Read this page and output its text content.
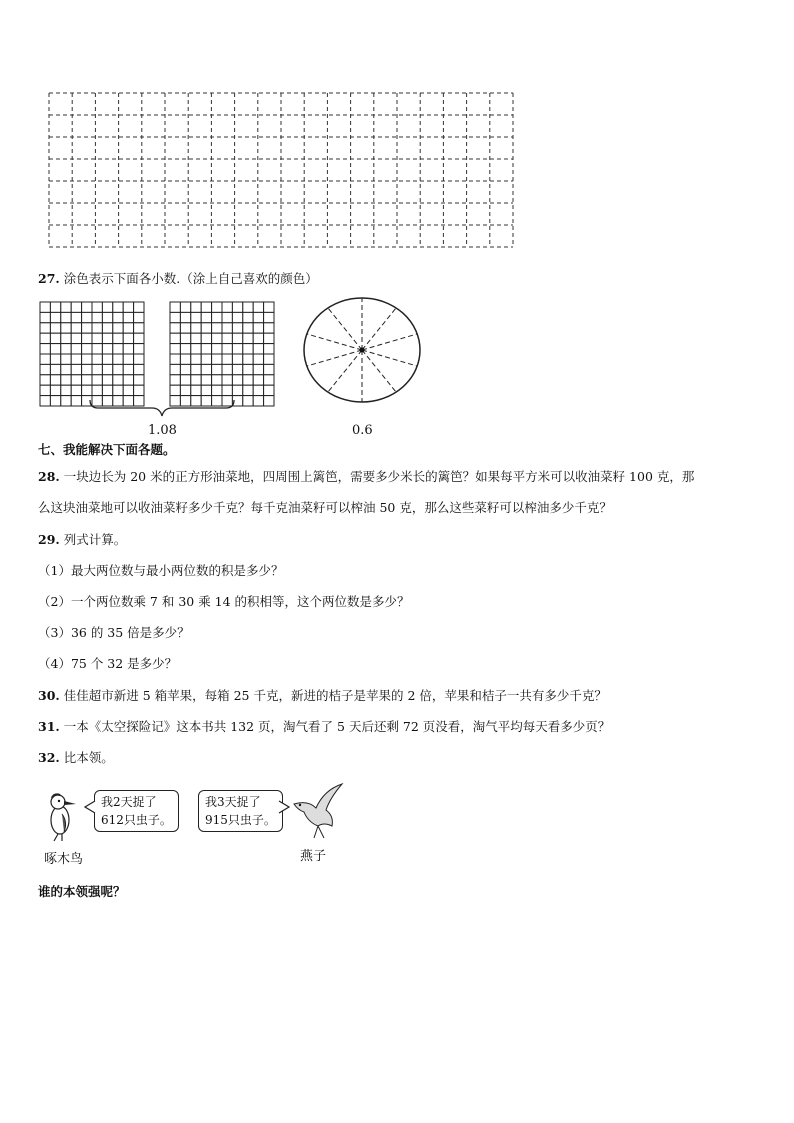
27. 涂色表示下面各小数.（涂上自己喜欢的颜色）
1.08	0.6
七、我能解决下面各题。
28. 一块边长为 20 米的正方形油菜地，四周围上篱笆，需要多少米长的篱笆？如果每平方米可以收油菜籽 100 克，那
么这块油菜地可以收油菜籽多少千克？每千克油菜籽可以榨油 50 克，那么这些菜籽可以榨油多少千克？
29. 列式计算。
（1）最大两位数与最小两位数的积是多少？
（2）一个两位数乘 7 和 30 乘 14 的积相等，这个两位数是多少？
（3）36 的 35 倍是多少？
（4）75 个 32 是多少？
30. 佳佳超市新进 5 箱苹果，每箱 25 千克，新进的桔子是苹果的 2 倍，苹果和桔子一共有多少千克？
31. 一本《太空探险记》这本书共 132 页，淘气看了 5 天后还剩 72 页没看，淘气平均每天看多少页？
32. 比本领。
我2天捉了
612只虫子。
啄木鸟
我3天捉了
915只虫子。
燕子
谁的本领强呢？
